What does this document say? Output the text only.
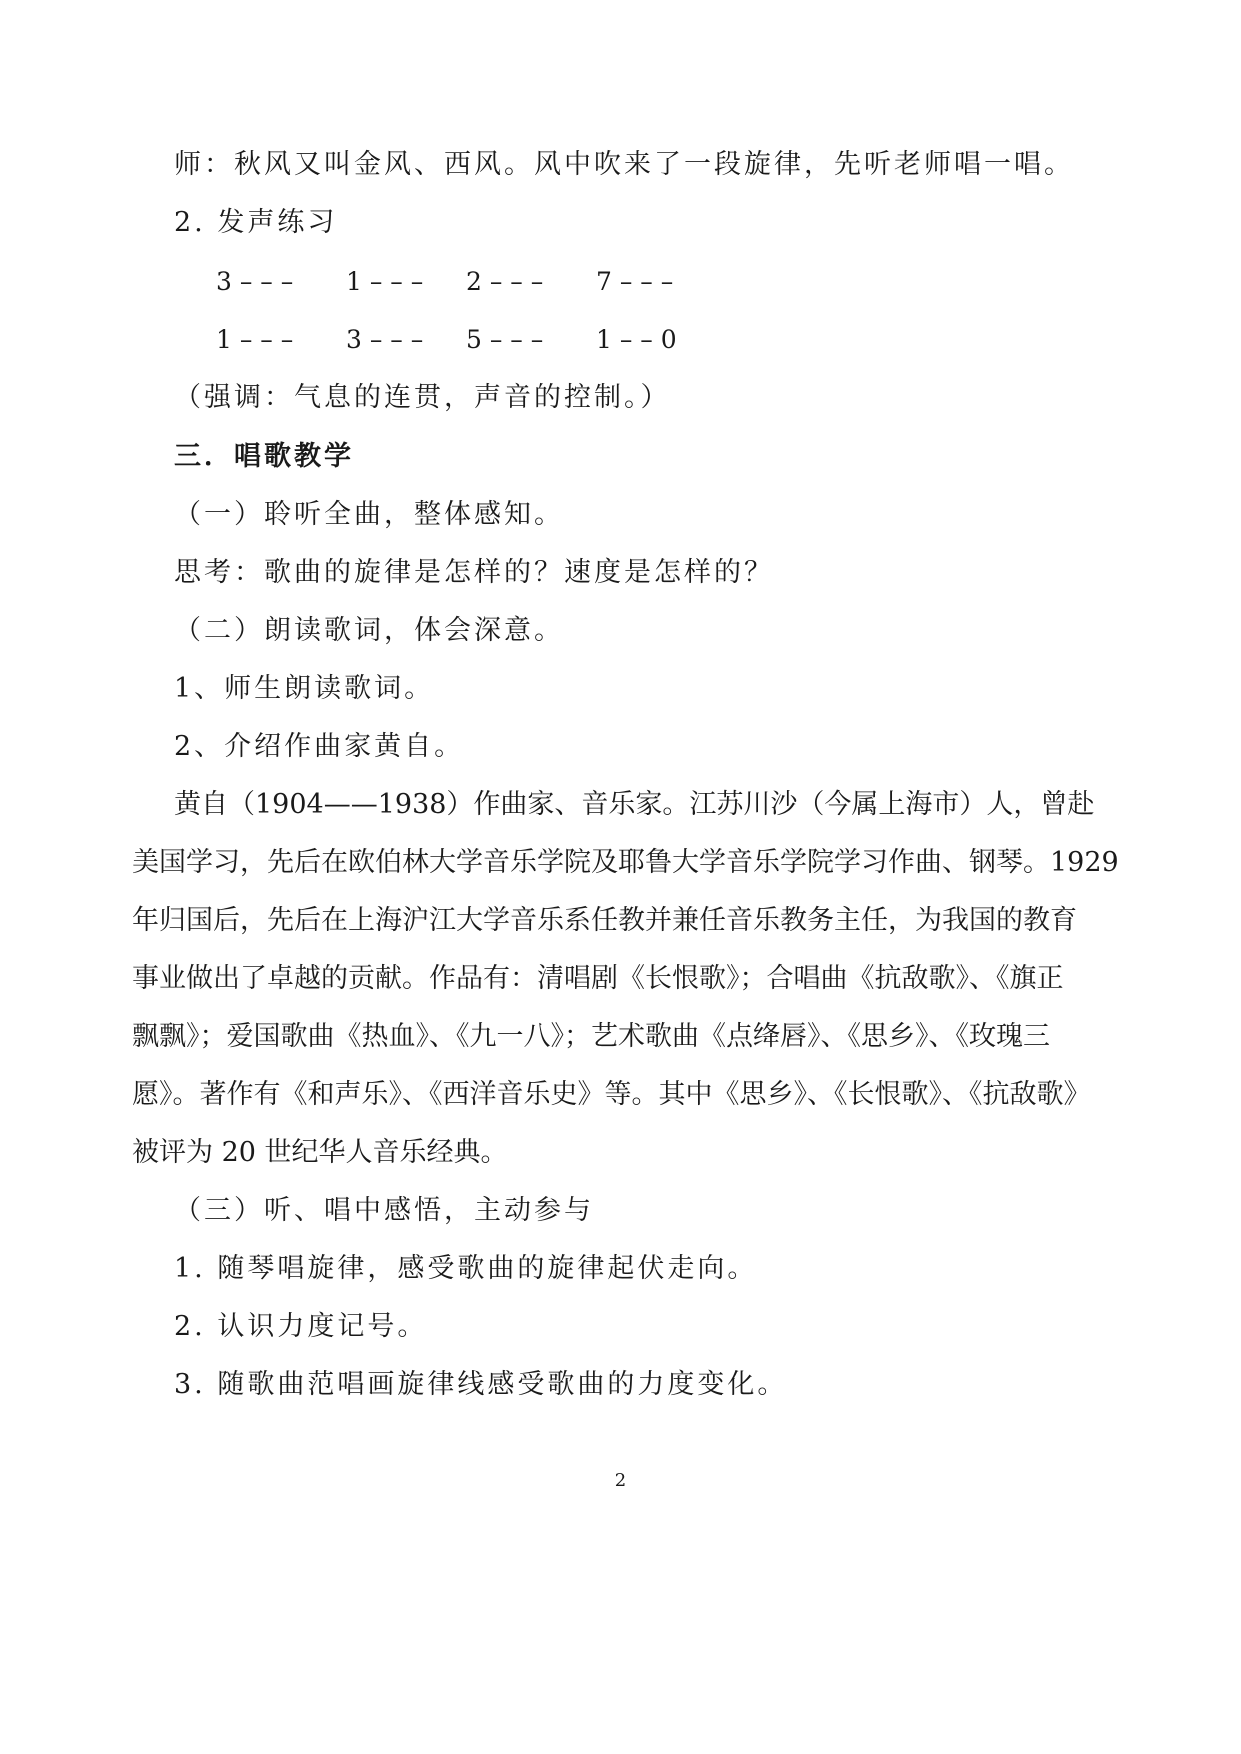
师：秋风又叫金风、西风。风中吹来了一段旋律，先听老师唱一唱。
2. 发声练习
3 – – –	1 – – –	2 – – –	7 – – –
1 – – –	3 – – –	5 – – –	1 – – 0
（强调：气息的连贯，声音的控制。）
三．唱歌教学
（一）聆听全曲，整体感知。
思考：歌曲的旋律是怎样的？速度是怎样的？
（二）朗读歌词，体会深意。
1、师生朗读歌词。
2、介绍作曲家黄自。
黄自（1904——1938）作曲家、音乐家。江苏川沙（今属上海市）人，曾赴
美国学习，先后在欧伯林大学音乐学院及耶鲁大学音乐学院学习作曲、钢琴。1929
年归国后，先后在上海沪江大学音乐系任教并兼任音乐教务主任，为我国的教育
事业做出了卓越的贡献。作品有：清唱剧《长恨歌》；合唱曲《抗敌歌》、《旗正
飘飘》；爱国歌曲《热血》、《九一八》；艺术歌曲《点绛唇》、《思乡》、《玫瑰三
愿》。著作有《和声乐》、《西洋音乐史》等。其中《思乡》、《长恨歌》、《抗敌歌》
被评为 20 世纪华人音乐经典。
（三）听、唱中感悟，主动参与
1. 随琴唱旋律，感受歌曲的旋律起伏走向。
2. 认识力度记号。
3. 随歌曲范唱画旋律线感受歌曲的力度变化。
2
